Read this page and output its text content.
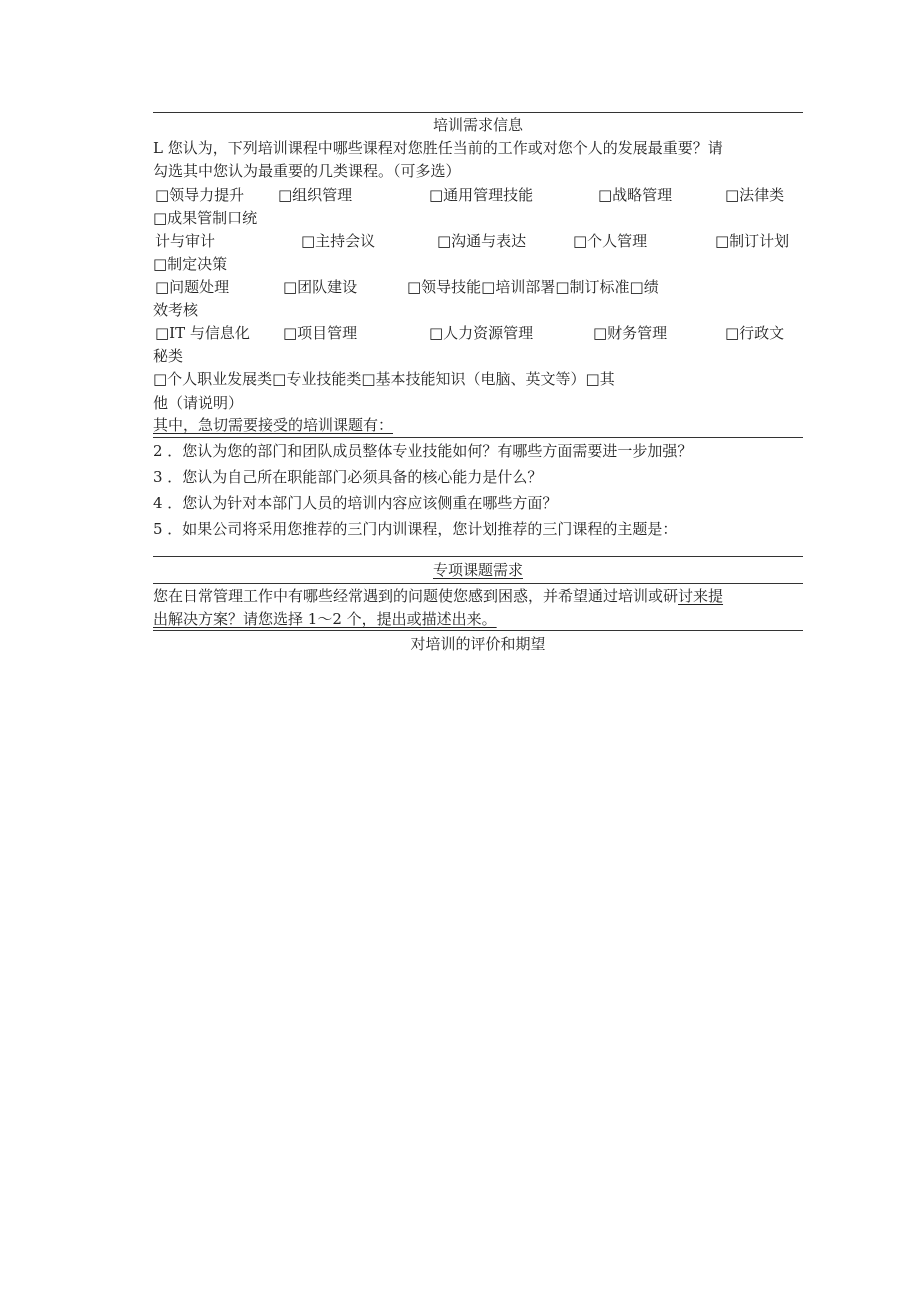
培训需求信息
L 您认为，下列培训课程中哪些课程对您胜任当前的工作或对您个人的发展最重要？请
勾选其中您认为最重要的几类课程。（可多选）
□领导力提升 □组织管理	□通用管理技能	□战略管理	□法律类
□成果管制口统
计与审计	□主持会议	□沟通与表达	□个人管理	□制订计划
□制定决策
□问题处理	□团队建设	□领导技能□培训部署□制订标准□绩
效考核
□IT 与信息化 □项目管理	□人力资源管理	□财务管理	□行政文
秘类
□个人职业发展类□专业技能类□基本技能知识（电脑、英文等）□其
他（请说明）
其中，急切需要接受的培训课题有：
2 ．您认为您的部门和团队成员整体专业技能如何？有哪些方面需要进一步加强？
3 ．您认为自己所在职能部门必须具备的核心能力是什么？
4 ．您认为针对本部门人员的培训内容应该侧重在哪些方面？
5 ．如果公司将采用您推荐的三门内训课程，您计划推荐的三门课程的主题是：
专项课题需求
您在日常管理工作中有哪些经常遇到的问题使您感到困惑，并希望通过培训或研讨来提
出解决方案？请您选择 1～2 个，提出或描述出来。
对培训的评价和期望
